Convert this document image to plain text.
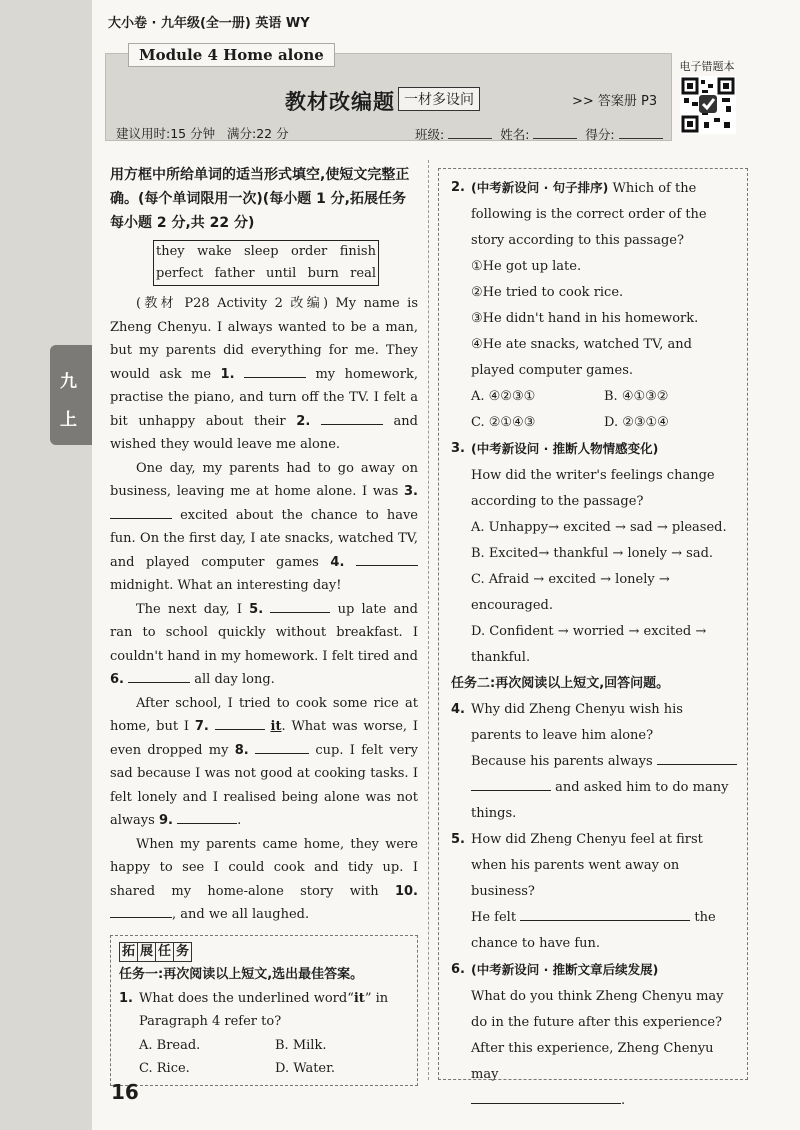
大小卷 · 九年级(全一册) 英语 WY
Module 4 Home alone
教材改编题 一材多设问	>> 答案册 P3
电子错题本
建议用时:15 分钟 满分:22 分	班级:	姓名:	得分:
九
上
用方框中所给单词的适当形式填空,使短文完整正确。(每个单词限用一次)(每小题 1 分,拓展任务每小题 2 分,共 22 分)
they wake sleep order finish
perfect father until burn real

(教材 P28 Activity 2 改编) My name is Zheng Chenyu. I always wanted to be a man, but my parents did everything for me. They would ask me 1.	my homework, practise the piano, and turn off the TV. I felt a bit unhappy about their 2.	and wished they would leave me alone.

One day, my parents had to go away on business, leaving me at home alone. I was 3.  excited about the chance to have fun. On the first day, I ate snacks, watched TV, and played computer games 4.  midnight. What an interesting day!

The next day, I 5.	up late and ran to school quickly without breakfast. I couldn't hand in my homework. I felt tired and 6.	all day long.

After school, I tried to cook some rice at home, but I 7.	it. What was worse, I even dropped my 8.	cup. I felt very sad because I was not good at cooking tasks. I felt lonely and I realised being alone was not always 9.	.

When my parents came home, they were happy to see I could cook and tidy up. I shared my home-alone story with 10. , and we all laughed.

拓 展 任 务
任务一:再次阅读以上短文,选出最佳答案。
1. What does the underlined word“it” in Paragraph 4 refer to?
A. Bread.	B. Milk.
C. Rice.	D. Water.
2. (中考新设问 · 句子排序) Which of the following is the correct order of the story according to this passage?
①He got up late.
②He tried to cook rice.
③He didn't hand in his homework.
④He ate snacks, watched TV, and played computer games.
A. ④②③①	B. ④①③②
C. ②①④③	D. ②③①④
3. (中考新设问 · 推断人物情感变化)
How did the writer's feelings change according to the passage?
A. Unhappy→ excited → sad → pleased.
B. Excited→ thankful → lonely → sad.
C. Afraid → excited → lonely → encouraged.
D. Confident → worried → excited → thankful.
任务二:再次阅读以上短文,回答问题。
4. Why did Zheng Chenyu wish his parents to leave him alone?
Because his parents always
and asked him to do many things.
5. How did Zheng Chenyu feel at first when his parents went away on business?
He felt	the chance to have fun.
6. (中考新设问 · 推断文章后续发展)
What do you think Zheng Chenyu may do in the future after this experience?
After this experience, Zheng Chenyu may
.
16
